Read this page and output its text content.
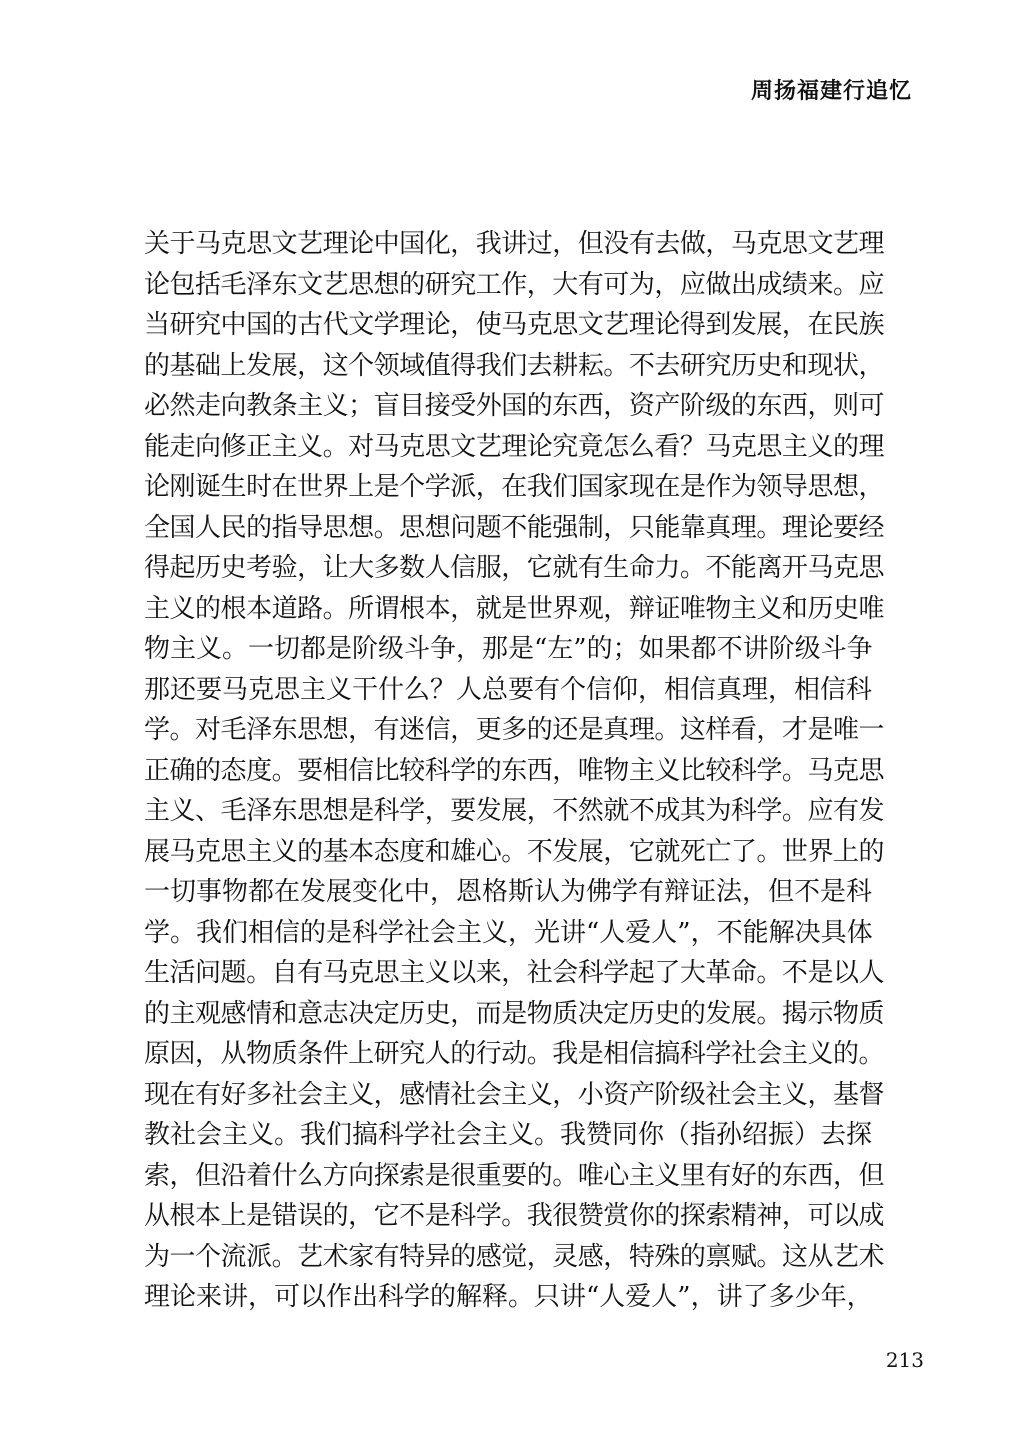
周扬福建行追忆
关于马克思文艺理论中国化，我讲过，但没有去做，马克思文艺理
论包括毛泽东文艺思想的研究工作，大有可为，应做出成绩来。应
当研究中国的古代文学理论，使马克思文艺理论得到发展，在民族
的基础上发展，这个领域值得我们去耕耘。不去研究历史和现状，
必然走向教条主义；盲目接受外国的东西，资产阶级的东西，则可
能走向修正主义。对马克思文艺理论究竟怎么看？马克思主义的理
论刚诞生时在世界上是个学派，在我们国家现在是作为领导思想，
全国人民的指导思想。思想问题不能强制，只能靠真理。理论要经
得起历史考验，让大多数人信服，它就有生命力。不能离开马克思
主义的根本道路。所谓根本，就是世界观，辩证唯物主义和历史唯
物主义。一切都是阶级斗争，那是“左”的；如果都不讲阶级斗争
那还要马克思主义干什么？人总要有个信仰，相信真理，相信科
学。对毛泽东思想，有迷信，更多的还是真理。这样看，才是唯一
正确的态度。要相信比较科学的东西，唯物主义比较科学。马克思
主义、毛泽东思想是科学，要发展，不然就不成其为科学。应有发
展马克思主义的基本态度和雄心。不发展，它就死亡了。世界上的
一切事物都在发展变化中，恩格斯认为佛学有辩证法，但不是科
学。我们相信的是科学社会主义，光讲“人爱人”，不能解决具体
生活问题。自有马克思主义以来，社会科学起了大革命。不是以人
的主观感情和意志决定历史，而是物质决定历史的发展。揭示物质
原因，从物质条件上研究人的行动。我是相信搞科学社会主义的。
现在有好多社会主义，感情社会主义，小资产阶级社会主义，基督
教社会主义。我们搞科学社会主义。我赞同你（指孙绍振）去探
索，但沿着什么方向探索是很重要的。唯心主义里有好的东西，但
从根本上是错误的，它不是科学。我很赞赏你的探索精神，可以成
为一个流派。艺术家有特异的感觉，灵感，特殊的禀赋。这从艺术
理论来讲，可以作出科学的解释。只讲“人爱人”，讲了多少年，
213
